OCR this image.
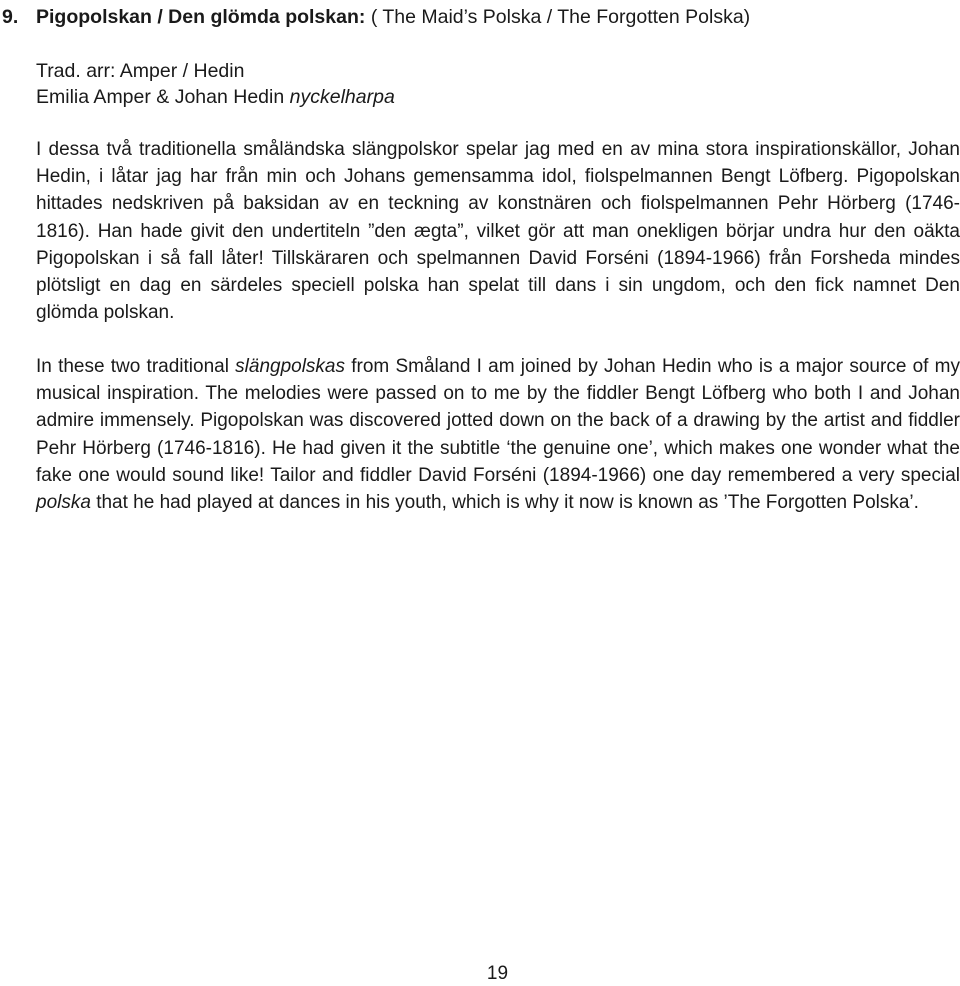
9. Pigopolskan / Den glömda polskan: ( The Maid’s Polska / The Forgotten Polska)
Trad. arr: Amper / Hedin
Emilia Amper & Johan Hedin nyckelharpa

I dessa två traditionella småländska slängpolskor spelar jag med en av mina stora inspirationskällor, Johan Hedin, i låtar jag har från min och Johans gemensamma idol, fiolspelmannen Bengt Löfberg. Pigopolskan hittades nedskriven på baksidan av en teckning av konstnären och fiolspelmannen Pehr Hörberg (1746-1816). Han hade givit den undertiteln ”den ægta”, vilket gör att man onekligen börjar undra hur den oäkta Pigopolskan i så fall låter! Tillskäraren och spelmannen David Forséni (1894-1966) från Forsheda mindes plötsligt en dag en särdeles speciell polska han spelat till dans i sin ungdom, och den fick namnet Den glömda polskan.

In these two traditional slängpolskas from Småland I am joined by Johan Hedin who is a major source of my musical inspiration. The melodies were passed on to me by the fiddler Bengt Löfberg who both I and Johan admire immensely. Pigopolskan was discovered jotted down on the back of a drawing by the artist and fiddler Pehr Hörberg (1746-1816). He had given it the subtitle ‘the genuine one’, which makes one wonder what the fake one would sound like! Tailor and fiddler David Forséni (1894-1966) one day remembered a very special polska that he had played at dances in his youth, which is why it now is known as ’The Forgotten Polska’.

19
